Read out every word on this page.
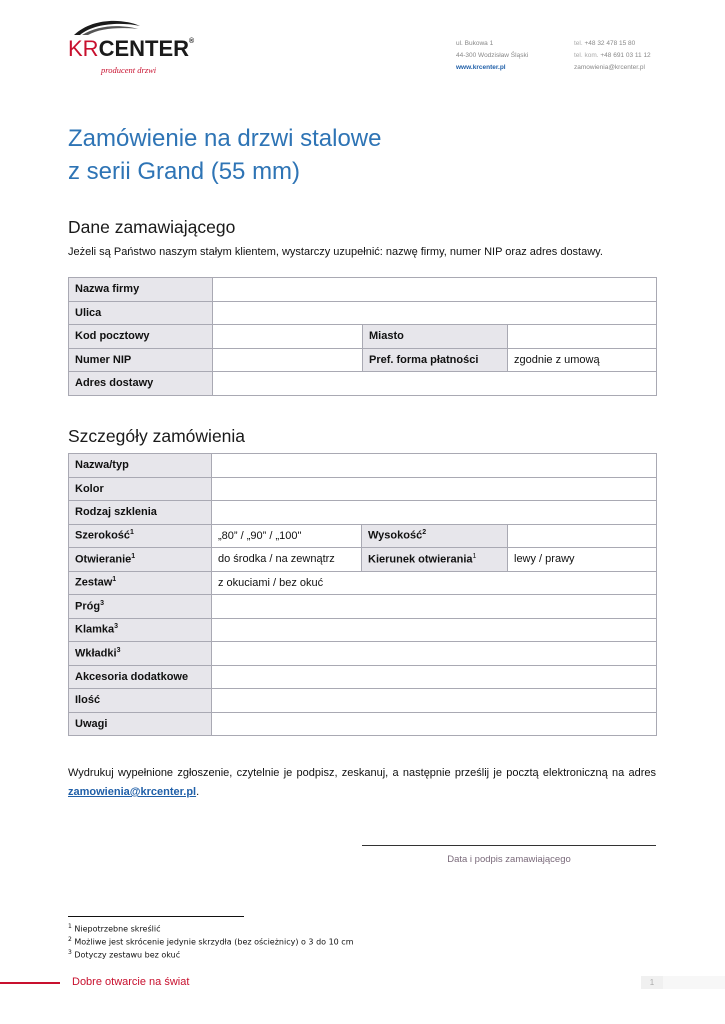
KRCENTER®
producent drzwi
ul. Bukowa 1
44-300 Wodzisław Śląski
www.krcenter.pl
tel. +48 32 478 15 80
tel. kom. +48 691 03 11 12
zamowienia@krcenter.pl
Zamówienie na drzwi stalowe
z serii Grand (55 mm)
Dane zamawiającego
Jeżeli są Państwo naszym stałym klientem, wystarczy uzupełnić: nazwę firmy, numer NIP oraz adres dostawy.
Nazwa firmy			
Ulica			
Kod pocztowy		Miasto	
Numer NIP		Pref. forma płatności	zgodnie z umową
Adres dostawy			
Szczegóły zamówienia
Nazwa/typ			
Kolor			
Rodzaj szklenia			
Szerokość$^1$	„80” / „90” / „100"	Wysokość$^2$	
Otwieranie$^1$	do środka / na zewnątrz	Kierunek otwierania$^1$	lewy / prawy
Zestaw$^1$	z okuciami / bez okuć		
Próg$^3$	
Klamka$^3$	
Wkładki$^3$	
Akcesoria dodatkowe			
Ilość			
Uwagi			
Wydrukuj wypełnione zgłoszenie, czytelnie je podpisz, zeskanuj, a następnie prześlij je pocztą elektroniczną na adres zamowienia@krcenter.pl.
Data i podpis zamawiającego
$^1$ Niepotrzebne skreślić
$^2$ Możliwe jest skrócenie jedynie skrzydła (bez ościeżnicy) o 3 do 10 cm
$^3$ Dotyczy zestawu bez okuć
Dobre otwarcie na świat	1
